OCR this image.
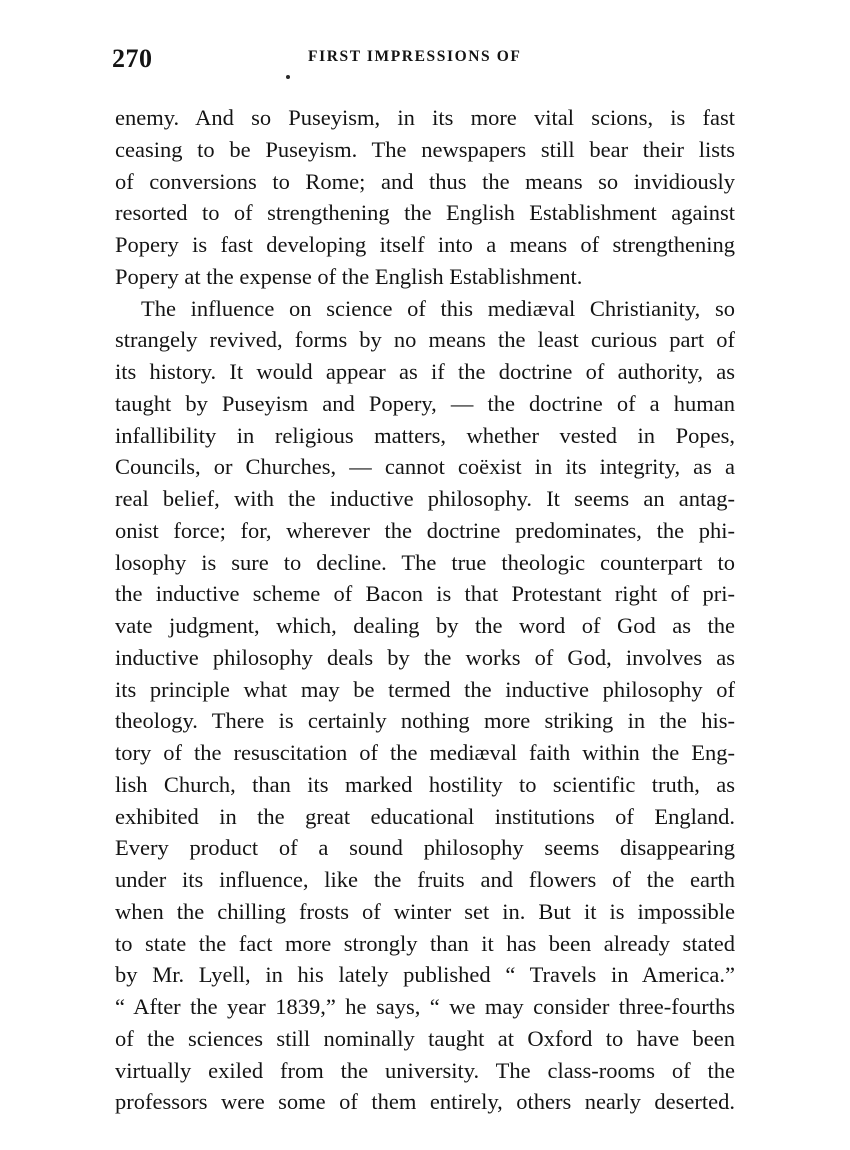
270	FIRST IMPRESSIONS OF
enemy. And so Puseyism, in its more vital scions, is fast
ceasing to be Puseyism. The newspapers still bear their lists
of conversions to Rome; and thus the means so invidiously
resorted to of strengthening the English Establishment against
Popery is fast developing itself into a means of strengthening
Popery at the expense of the English Establishment.
The influence on science of this mediæval Christianity, so
strangely revived, forms by no means the least curious part of
its history. It would appear as if the doctrine of authority, as
taught by Puseyism and Popery, — the doctrine of a human
infallibility in religious matters, whether vested in Popes,
Councils, or Churches, — cannot coëxist in its integrity, as a
real belief, with the inductive philosophy. It seems an antag-
onist force; for, wherever the doctrine predominates, the phi-
losophy is sure to decline. The true theologic counterpart to
the inductive scheme of Bacon is that Protestant right of pri-
vate judgment, which, dealing by the word of God as the
inductive philosophy deals by the works of God, involves as
its principle what may be termed the inductive philosophy of
theology. There is certainly nothing more striking in the his-
tory of the resuscitation of the mediæval faith within the Eng-
lish Church, than its marked hostility to scientific truth, as
exhibited in the great educational institutions of England.
Every product of a sound philosophy seems disappearing
under its influence, like the fruits and flowers of the earth
when the chilling frosts of winter set in. But it is impossible
to state the fact more strongly than it has been already stated
by Mr. Lyell, in his lately published “ Travels in America.”
“ After the year 1839,” he says, “ we may consider three-fourths
of the sciences still nominally taught at Oxford to have been
virtually exiled from the university. The class-rooms of the
professors were some of them entirely, others nearly deserted.
